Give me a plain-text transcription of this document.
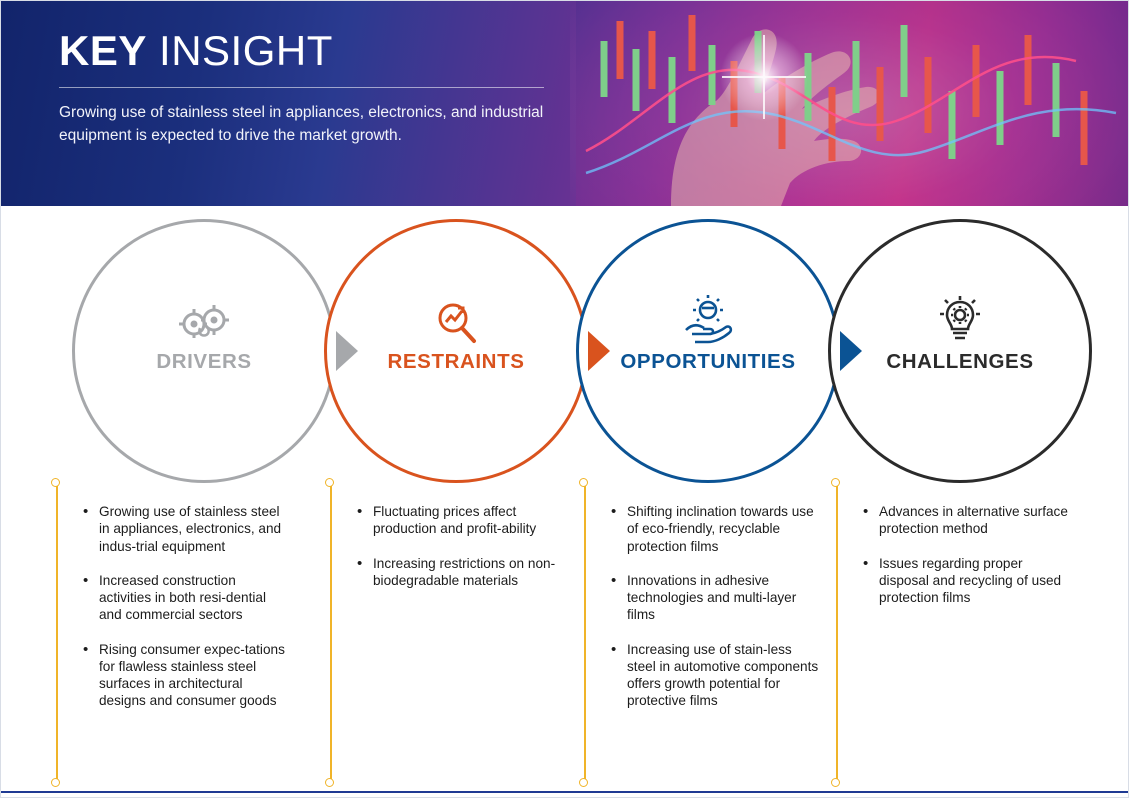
KEY INSIGHT
Growing use of stainless steel in appliances, electronics, and industrial equipment is expected to drive the market growth.
DRIVERS	RESTRAINTS	OPPORTUNITIES	CHALLENGES
• Growing use of stainless steel in appliances, electronics, and indus-trial equipment
• Increased construction activities in both resi-dential and commercial sectors
• Rising consumer expec-tations for flawless stainless steel surfaces in architectural designs and consumer goods
• Fluctuating prices affect production and profit-ability
• Increasing restrictions on non-biodegradable materials
• Shifting inclination towards use of eco-friendly, recyclable protection films
• Innovations in adhesive technologies and multi-layer films
• Increasing use of stain-less steel in automotive components offers growth potential for protective films
• Advances in alternative surface protection method
• Issues regarding proper disposal and recycling of used protection films
